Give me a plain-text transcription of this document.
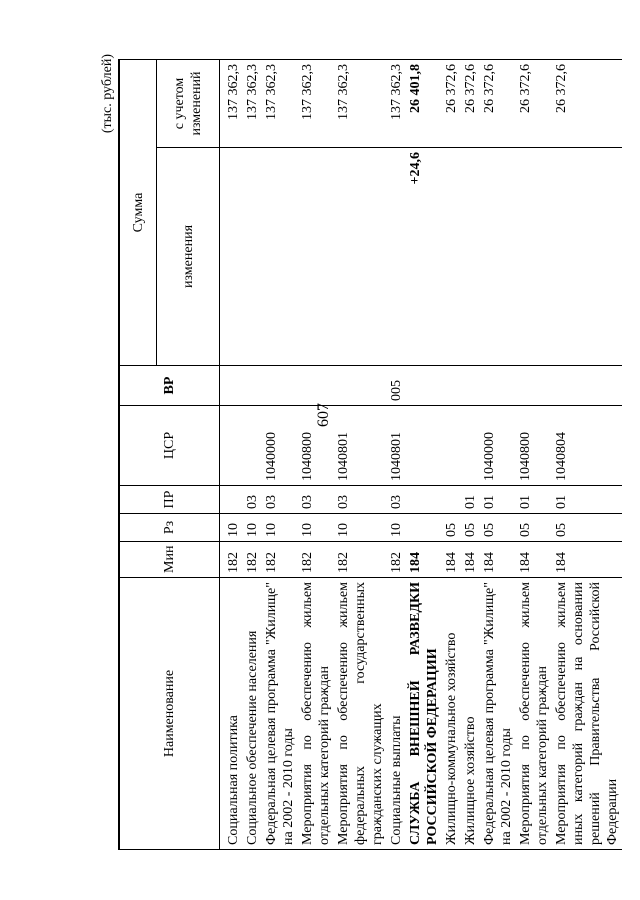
607
(тыс. рублей)
Наименование	Мин	Рз	ПР	ЦСР	ВР	Сумма	
						изменения	с учетом изменений
Социальная политика	182	10					137 362,3
Социальное обеспечение населения	182	10	03				137 362,3
Федеральная целевая программа "Жилище" на 2002 - 2010 годы	182	10	03	1040000			137 362,3
Мероприятия по обеспечению жильем отдельных категорий граждан	182	10	03	1040800			137 362,3
Мероприятия по обеспечению жильем федеральных государственных гражданских служащих	182	10	03	1040801			137 362,3
Социальные выплаты	182	10	03	1040801	005		137 362,3
СЛУЖБА ВНЕШНЕЙ РАЗВЕДКИ РОССИЙСКОЙ ФЕДЕРАЦИИ	184					+24,6	26 401,8
Жилищно-коммунальное хозяйство	184	05					26 372,6
Жилищное хозяйство	184	05	01				26 372,6
Федеральная целевая программа "Жилище" на 2002 - 2010 годы	184	05	01	1040000			26 372,6
Мероприятия по обеспечению жильем отдельных категорий граждан	184	05	01	1040800			26 372,6
Мероприятия по обеспечению жильем иных категорий граждан на основании решений Правительства Российской Федерации	184	05	01	1040804			26 372,6
